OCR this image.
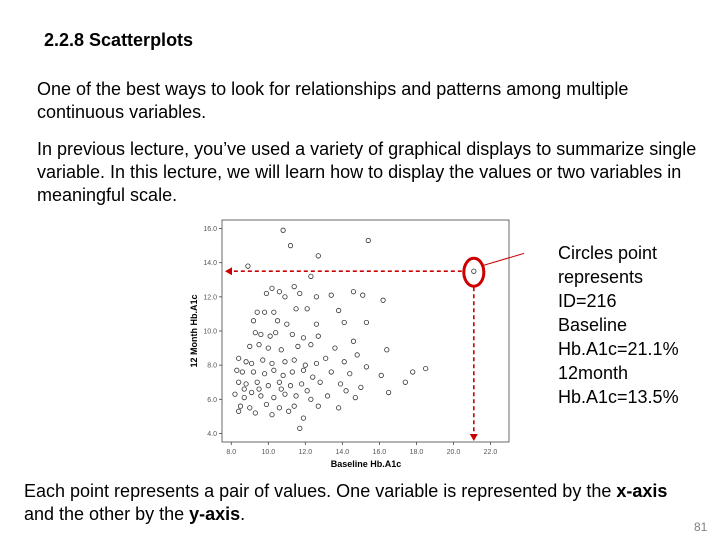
2.2.8 Scatterplots
One of the best ways to look for relationships and patterns among multiple continuous variables.
In previous lecture, you’ve used a variety of graphical displays to summarize single variable. In this lecture, we will learn how to display the values or two variables in meaningful scale.
4.0
6.0
8.0
10.0
12.0
14.0
16.0
8.0	10.0	12.0	14.0	16.0	18.0	20.0	22.0
Baseline Hb.A1c
12 Month Hb.A1c
Circles point
represents
ID=216
Baseline
Hb.A1c=21.1%
12month
Hb.A1c=13.5%
Each point represents a pair of values. One variable is represented by the x-axis
and the other by the y-axis.
81
